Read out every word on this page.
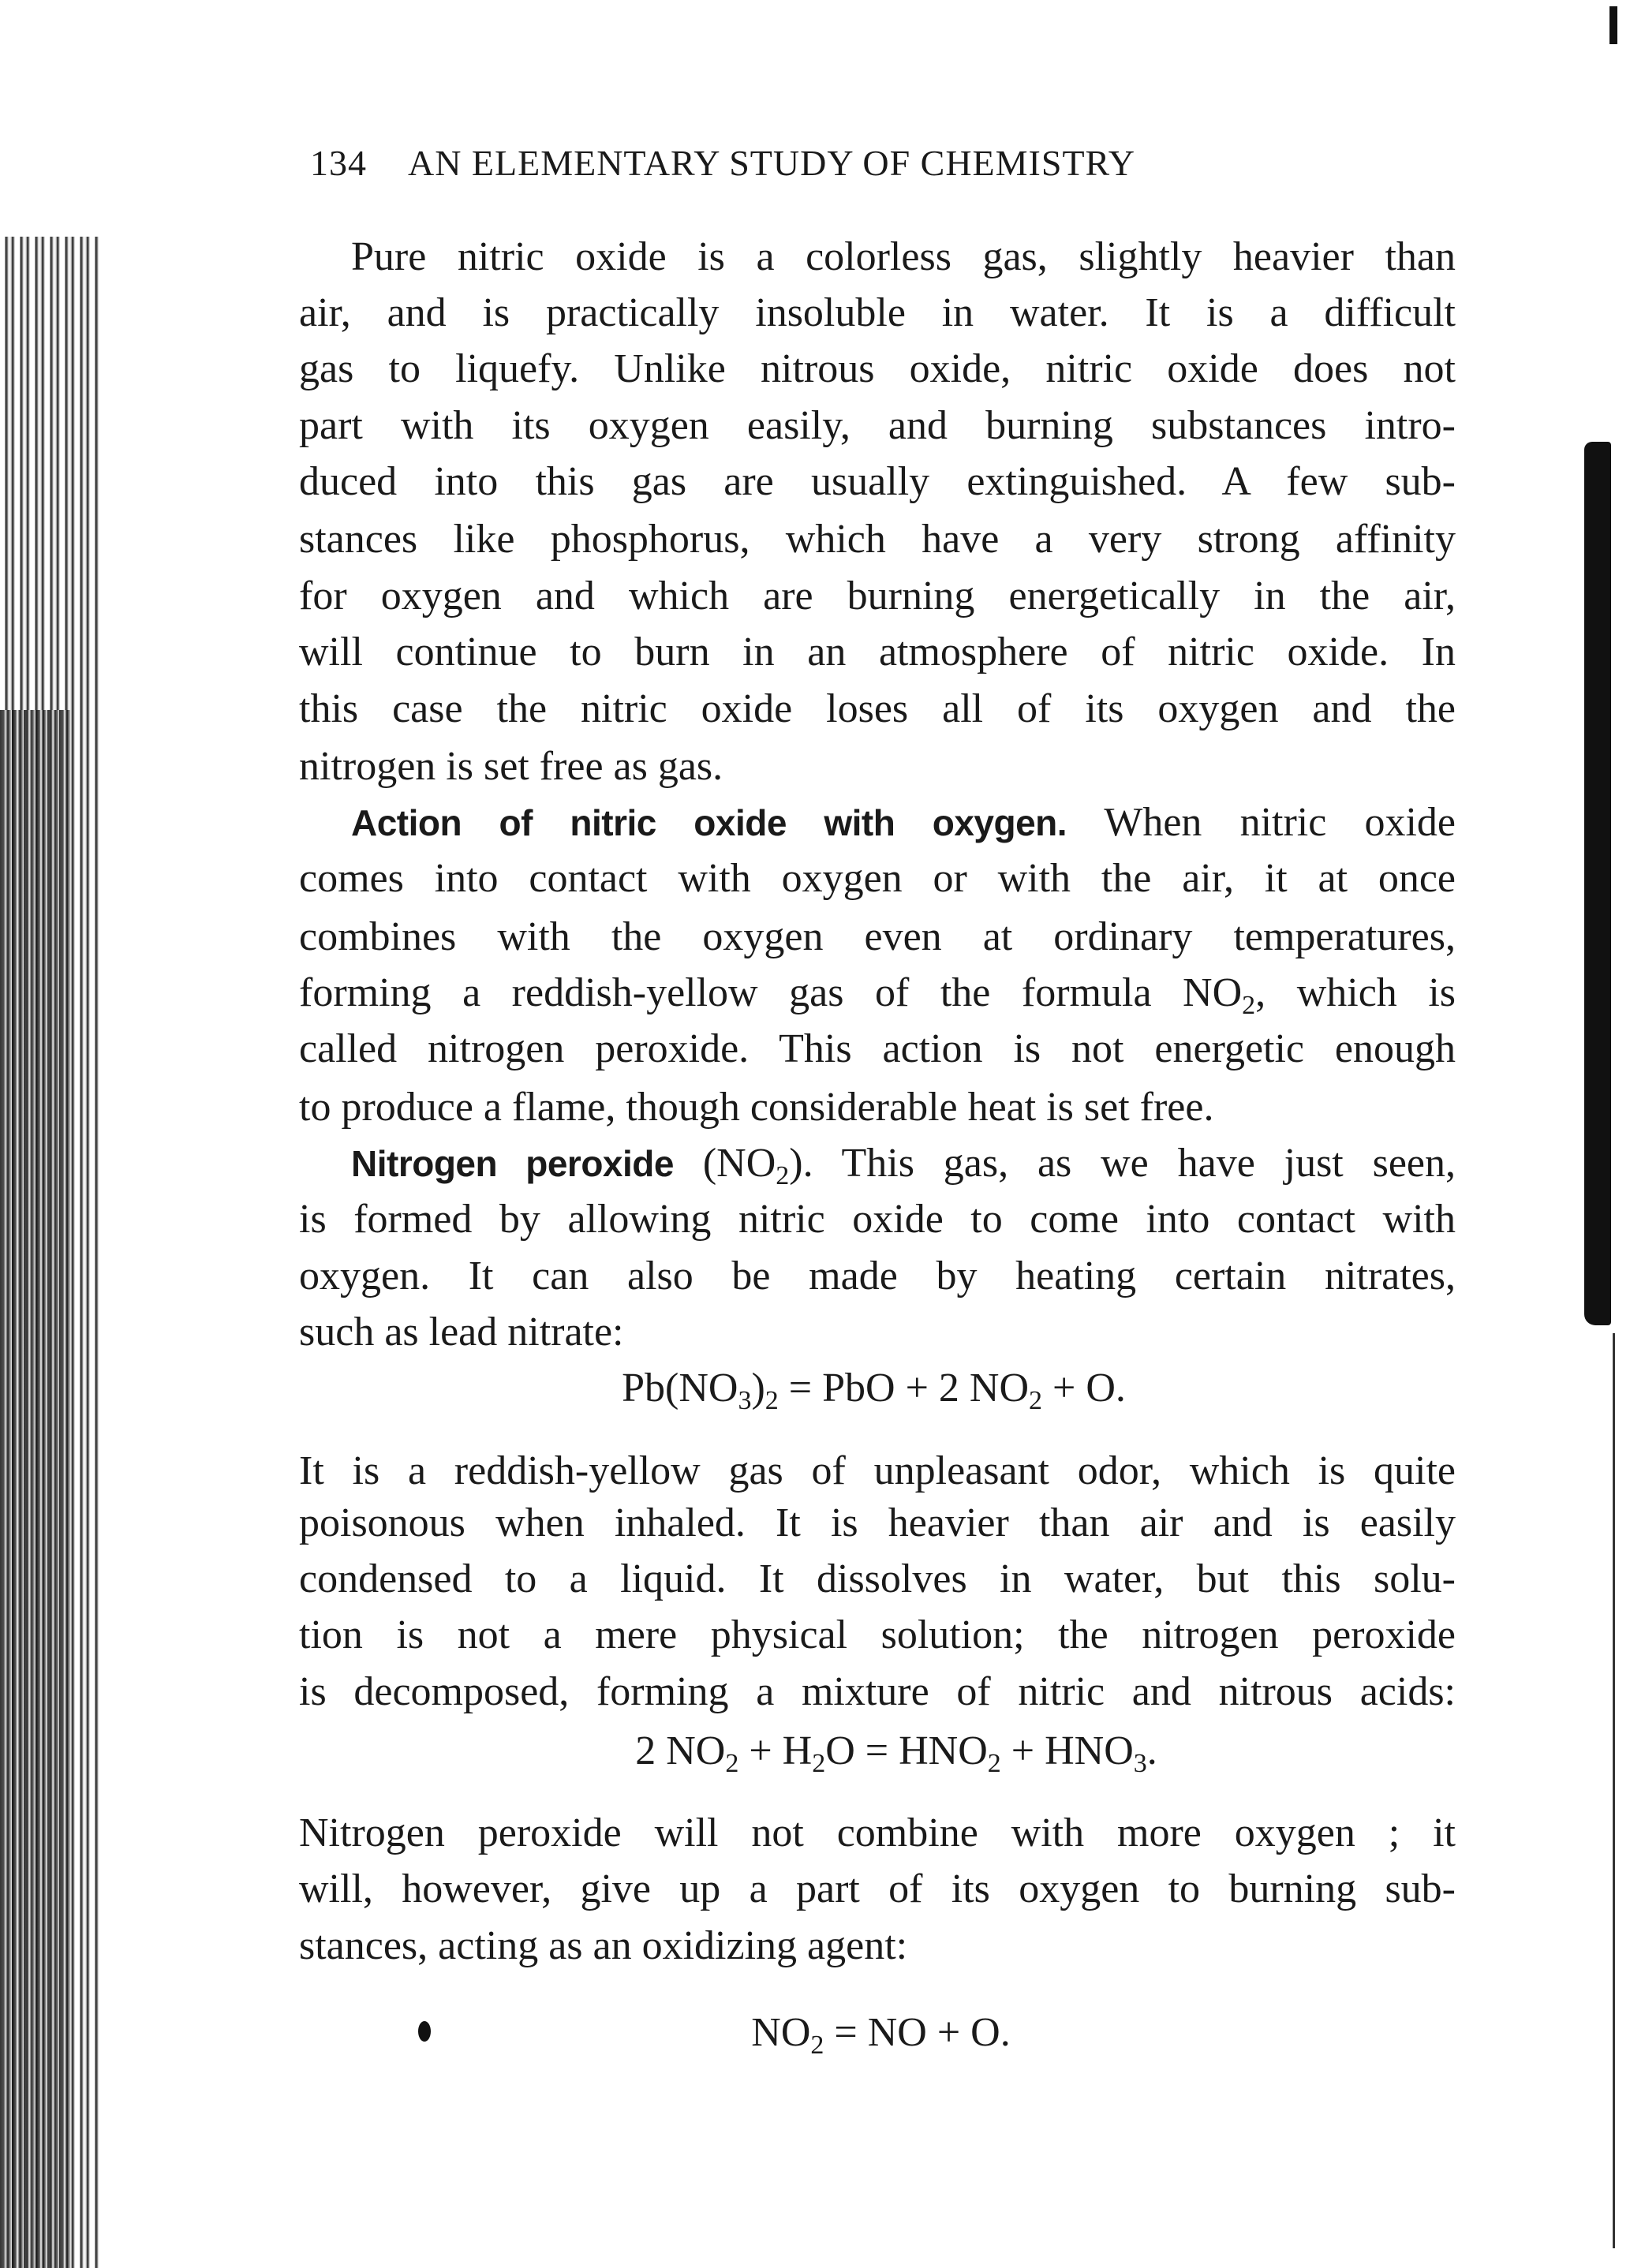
134 AN ELEMENTARY STUDY OF CHEMISTRY
Pure nitric oxide is a colorless gas, slightly heavier than
air, and is practically insoluble in water. It is a difficult
gas to liquefy. Unlike nitrous oxide, nitric oxide does not
part with its oxygen easily, and burning substances intro-
duced into this gas are usually extinguished. A few sub-
stances like phosphorus, which have a very strong affinity
for oxygen and which are burning energetically in the air,
will continue to burn in an atmosphere of nitric oxide. In
this case the nitric oxide loses all of its oxygen and the
nitrogen is set free as gas.
Action of nitric oxide with oxygen. When nitric oxide
comes into contact with oxygen or with the air, it at once
combines with the oxygen even at ordinary temperatures,
forming a reddish-yellow gas of the formula $NO_2$, which is
called nitrogen peroxide. This action is not energetic enough
to produce a flame, though considerable heat is set free.
Nitrogen peroxide $(NO_2)$. This gas, as we have just seen,
is formed by allowing nitric oxide to come into contact with
oxygen. It can also be made by heating certain nitrates,
such as lead nitrate:
$Pb(NO_3)_2$ = PbO + 2 $NO_2 + O$.
It is a reddish-yellow gas of unpleasant odor, which is quite
poisonous when inhaled. It is heavier than air and is easily
condensed to a liquid. It dissolves in water, but this solu-
tion is not a mere physical solution; the nitrogen peroxide
is decomposed, forming a mixture of nitric and nitrous acids:
2 $NO_2 + H_2O = HNO_2 + HNO_3$.
Nitrogen peroxide will not combine with more oxygen ; it
will, however, give up a part of its oxygen to burning sub-
stances, acting as an oxidizing agent:
$NO_2$ = NO + O.
